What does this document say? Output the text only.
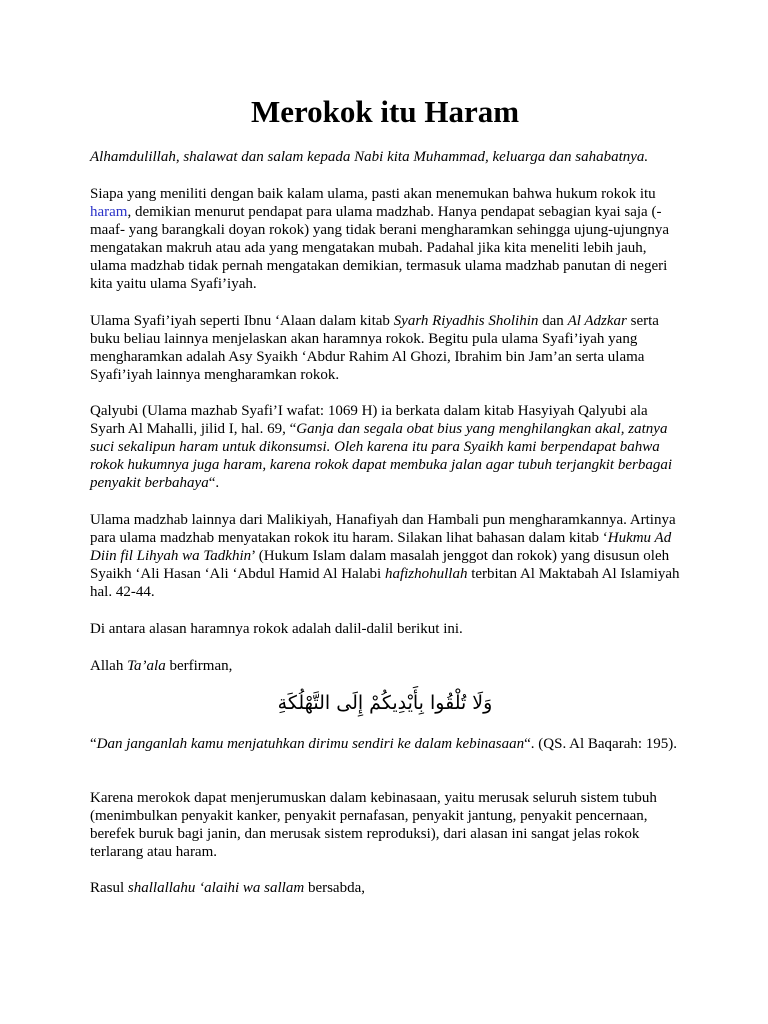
Merokok itu Haram

Alhamdulillah, shalawat dan salam kepada Nabi kita Muhammad, keluarga dan sahabatnya.

Siapa yang meniliti dengan baik kalam ulama, pasti akan menemukan bahwa hukum rokok itu haram, demikian menurut pendapat para ulama madzhab. Hanya pendapat sebagian kyai saja (-maaf- yang barangkali doyan rokok) yang tidak berani mengharamkan sehingga ujung-ujungnya mengatakan makruh atau ada yang mengatakan mubah. Padahal jika kita meneliti lebih jauh, ulama madzhab tidak pernah mengatakan demikian, termasuk ulama madzhab panutan di negeri kita yaitu ulama Syafi’iyah.

Ulama Syafi’iyah seperti Ibnu ‘Alaan dalam kitab Syarh Riyadhis Sholihin dan Al Adzkar serta buku beliau lainnya menjelaskan akan haramnya rokok. Begitu pula ulama Syafi’iyah yang mengharamkan adalah Asy Syaikh ‘Abdur Rahim Al Ghozi, Ibrahim bin Jam’an serta ulama Syafi’iyah lainnya mengharamkan rokok.

Qalyubi (Ulama mazhab Syafi’I wafat: 1069 H) ia berkata dalam kitab Hasyiyah Qalyubi ala Syarh Al Mahalli, jilid I, hal. 69, “Ganja dan segala obat bius yang menghilangkan akal, zatnya suci sekalipun haram untuk dikonsumsi. Oleh karena itu para Syaikh kami berpendapat bahwa rokok hukumnya juga haram, karena rokok dapat membuka jalan agar tubuh terjangkit berbagai penyakit berbahaya“.

Ulama madzhab lainnya dari Malikiyah, Hanafiyah dan Hambali pun mengharamkannya. Artinya para ulama madzhab menyatakan rokok itu haram. Silakan lihat bahasan dalam kitab ‘Hukmu Ad Diin fil Lihyah wa Tadkhin’ (Hukum Islam dalam masalah jenggot dan rokok) yang disusun oleh Syaikh ‘Ali Hasan ‘Ali ‘Abdul Hamid Al Halabi hafizhohullah terbitan Al Maktabah Al Islamiyah hal. 42-44.

Di antara alasan haramnya rokok adalah dalil-dalil berikut ini.

Allah Ta’ala berfirman,

وَلَا تُلْقُوا بِأَيْدِيكُمْ إِلَى التَّهْلُكَةِ

“Dan janganlah kamu menjatuhkan dirimu sendiri ke dalam kebinasaan“. (QS. Al Baqarah: 195).

Karena merokok dapat menjerumuskan dalam kebinasaan, yaitu merusak seluruh sistem tubuh (menimbulkan penyakit kanker, penyakit pernafasan, penyakit jantung, penyakit pencernaan, berefek buruk bagi janin, dan merusak sistem reproduksi), dari alasan ini sangat jelas rokok terlarang atau haram.

Rasul shallallahu ‘alaihi wa sallam bersabda,
